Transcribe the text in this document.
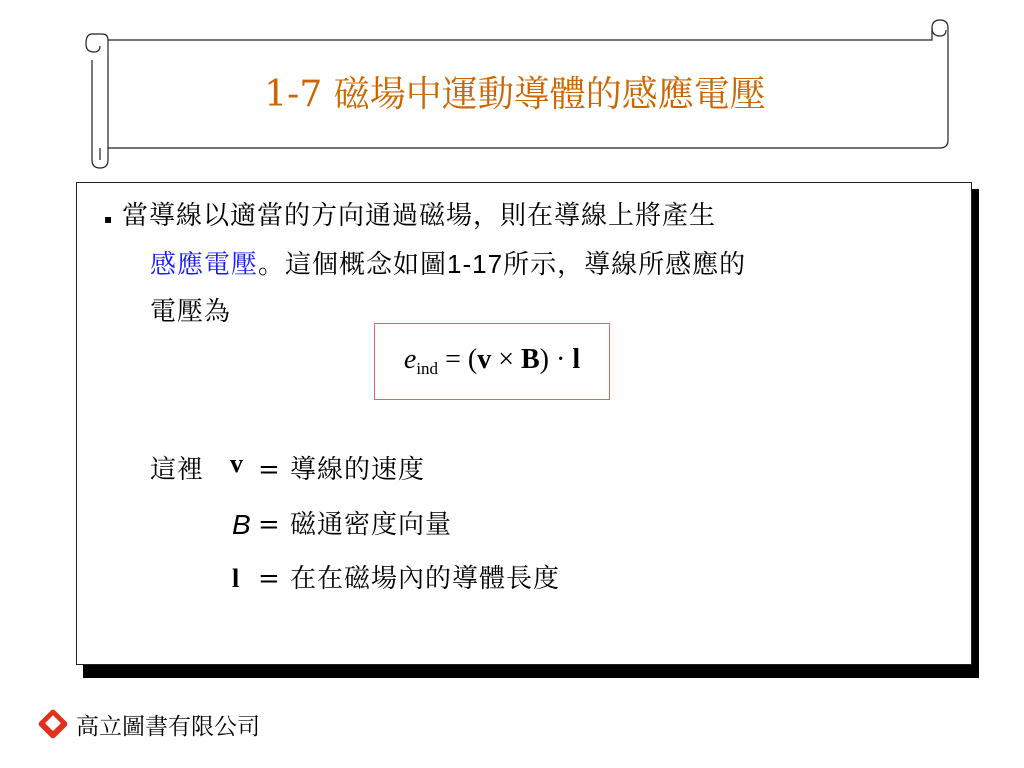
1-7 磁場中運動導體的感應電壓
▪ 當導線以適當的方向通過磁場，則在導線上將產生
感應電壓。這個概念如圖1-17所示，導線所感應的
電壓為
$e_{ind} = (v \times B) \cdot l$
這裡 v = 導線的速度
B = 磁通密度向量
l = 在在磁場內的導體長度
高立圖書有限公司
